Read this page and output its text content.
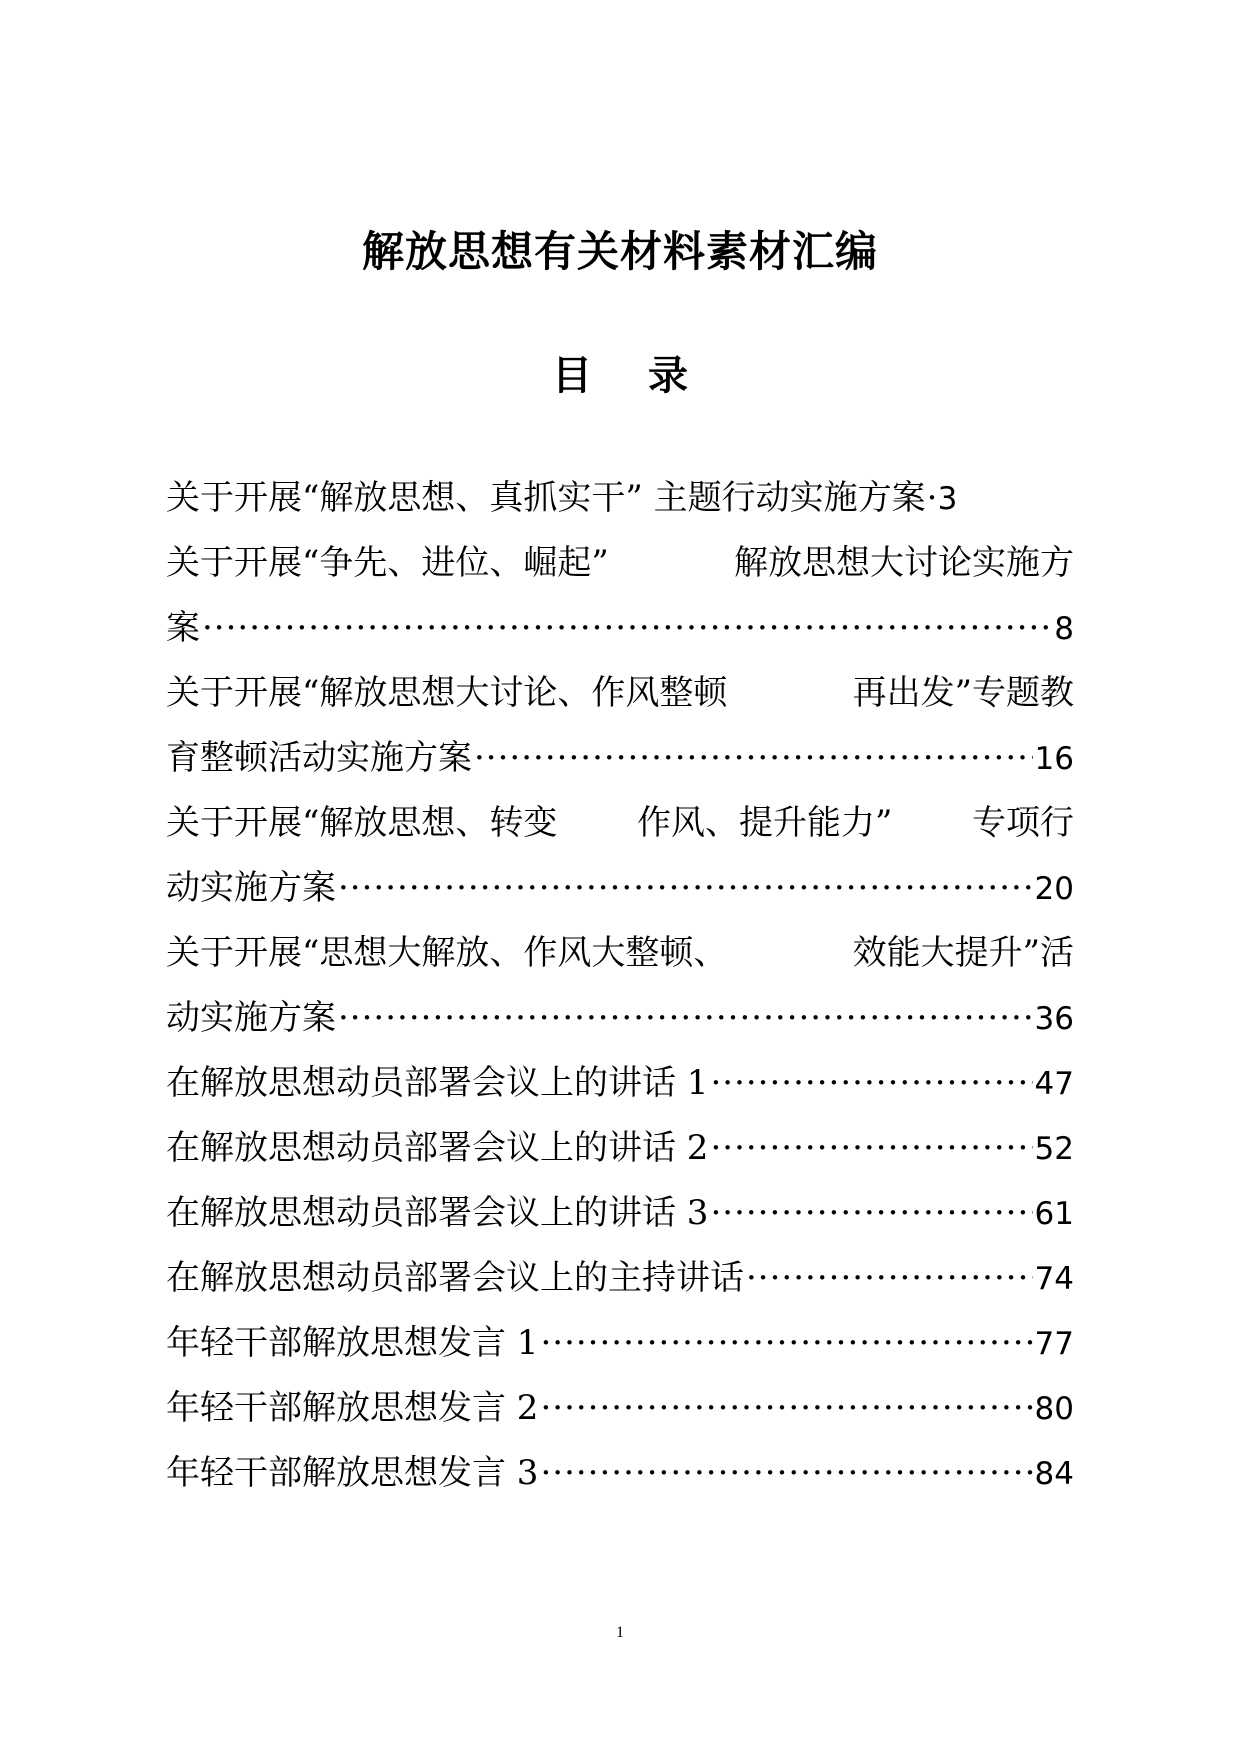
解放思想有关材料素材汇编
目 录
关于开展“解放思想、真抓实干” 主题行动实施方案 ····· 3
关于开展“争先、进位、崛起”	解放思想大讨论实施方
案 ·····	8
关于开展“解放思想大讨论、作风整顿	再出发”专题教
育整顿活动实施方案 ·····	16
关于开展“解放思想、转变 作风、提升能力” 专项行
动实施方案 ·····	20
关于开展“思想大解放、作风大整顿、	效能大提升”活
动实施方案 ·····	36
在解放思想动员部署会议上的讲话 1 ·····	47
在解放思想动员部署会议上的讲话 2 ·····	52
在解放思想动员部署会议上的讲话 3 ·····	61
在解放思想动员部署会议上的主持讲话 ·····	74
年轻干部解放思想发言 1 ·····	77
年轻干部解放思想发言 2 ·····	80
年轻干部解放思想发言 3 ·····	84
1
